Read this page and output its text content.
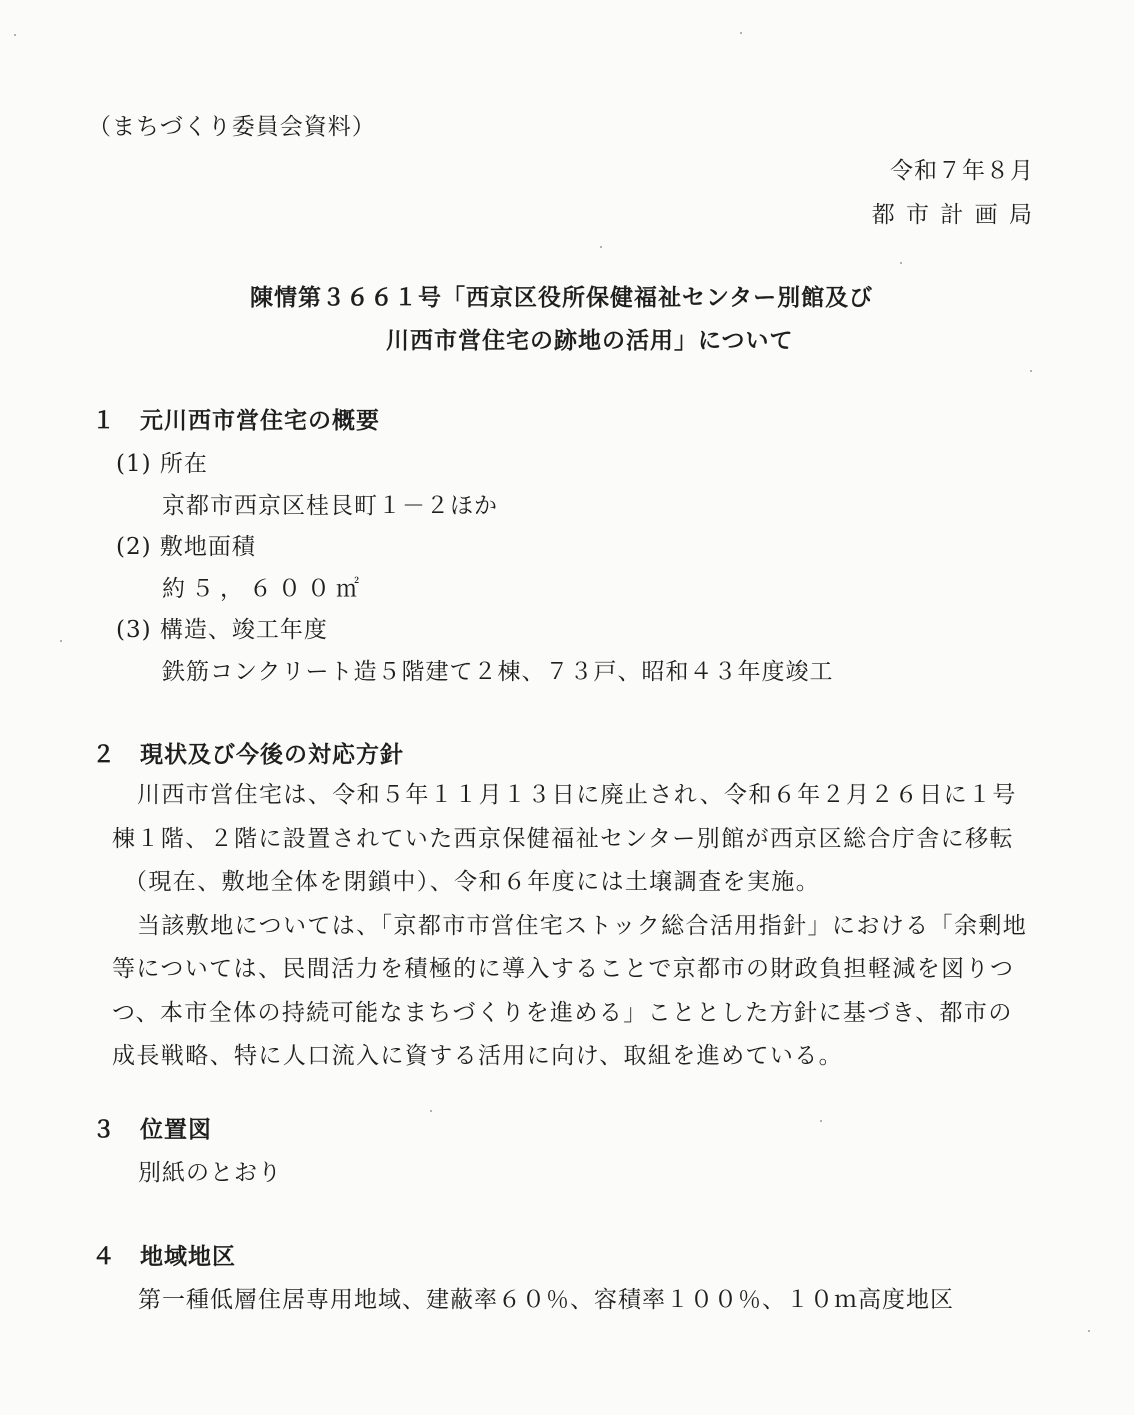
（まちづくり委員会資料）
令和７年８月
都 市 計 画 局
陳情第３６６１号「西京区役所保健福祉センター別館及び
川西市営住宅の跡地の活用」について
１　元川西市営住宅の概要
(1) 所在
京都市西京区桂艮町１－２ほか
(2) 敷地面積
約５，６００㎡
(3) 構造、竣工年度
鉄筋コンクリート造５階建て２棟、７３戸、昭和４３年度竣工
２　現状及び今後の対応方針

川西市営住宅は、令和５年１１月１３日に廃止され、令和６年２月２６日に１号

棟１階、２階に設置されていた西京保健福祉センター別館が西京区総合庁舎に移転

（現在、敷地全体を閉鎖中）、令和６年度には土壌調査を実施。

当該敷地については、「京都市市営住宅ストック総合活用指針」における「余剰地

等については、民間活力を積極的に導入することで京都市の財政負担軽減を図りつ

つ、本市全体の持続可能なまちづくりを進める」こととした方針に基づき、都市の

成長戦略、特に人口流入に資する活用に向け、取組を進めている。

３　位置図
別紙のとおり
４　地域地区
第一種低層住居専用地域、建蔽率６０％、容積率１００％、１０ｍ高度地区
